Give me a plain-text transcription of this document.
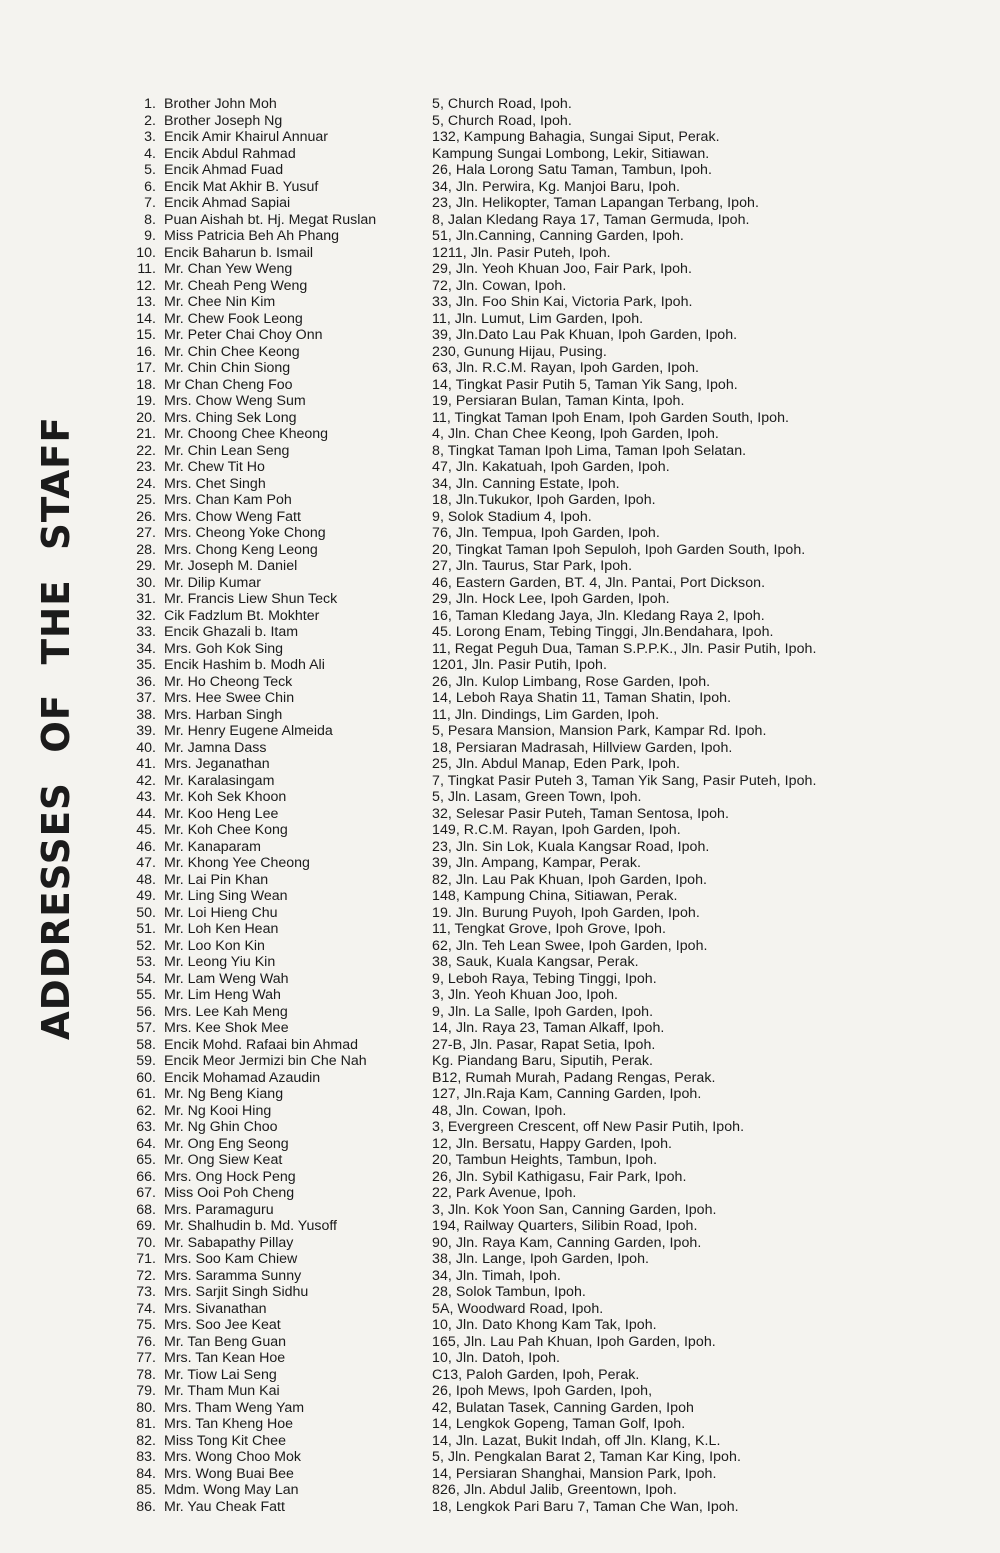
ADDRESSESOFTHESTAFF
1. Brother John Moh	5, Church Road, Ipoh.
2. Brother Joseph Ng	5, Church Road, Ipoh.
3. Encik Amir Khairul Annuar	132, Kampung Bahagia, Sungai Siput, Perak.
4. Encik Abdul Rahmad	Kampung Sungai Lombong, Lekir, Sitiawan.
5. Encik Ahmad Fuad	26, Hala Lorong Satu Taman, Tambun, Ipoh.
6. Encik Mat Akhir B. Yusuf	34, Jln. Perwira, Kg. Manjoi Baru, Ipoh.
7. Encik Ahmad Sapiai	23, Jln. Helikopter, Taman Lapangan Terbang, Ipoh.
8. Puan Aishah bt. Hj. Megat Ruslan	8, Jalan Kledang Raya 17, Taman Germuda, Ipoh.
9. Miss Patricia Beh Ah Phang	51, Jln.Canning, Canning Garden, Ipoh.
10. Encik Baharun b. Ismail	1211, Jln. Pasir Puteh, Ipoh.
11. Mr. Chan Yew Weng	29, Jln. Yeoh Khuan Joo, Fair Park, Ipoh.
12. Mr. Cheah Peng Weng	72, Jln. Cowan, Ipoh.
13. Mr. Chee Nin Kim	33, Jln. Foo Shin Kai, Victoria Park, Ipoh.
14. Mr. Chew Fook Leong	11, Jln. Lumut, Lim Garden, Ipoh.
15. Mr. Peter Chai Choy Onn	39, Jln.Dato Lau Pak Khuan, Ipoh Garden, Ipoh.
16. Mr. Chin Chee Keong	230, Gunung Hijau, Pusing.
17. Mr. Chin Chin Siong	63, Jln. R.C.M. Rayan, Ipoh Garden, Ipoh.
18. Mr Chan Cheng Foo	14, Tingkat Pasir Putih 5, Taman Yik Sang, Ipoh.
19. Mrs. Chow Weng Sum	19, Persiaran Bulan, Taman Kinta, Ipoh.
20. Mrs. Ching Sek Long	11, Tingkat Taman Ipoh Enam, Ipoh Garden South, Ipoh.
21. Mr. Choong Chee Kheong	4, Jln. Chan Chee Keong, Ipoh Garden, Ipoh.
22. Mr. Chin Lean Seng	8, Tingkat Taman Ipoh Lima, Taman Ipoh Selatan.
23. Mr. Chew Tit Ho	47, Jln. Kakatuah, Ipoh Garden, Ipoh.
24. Mrs. Chet Singh	34, Jln. Canning Estate, Ipoh.
25. Mrs. Chan Kam Poh	18, Jln.Tukukor, Ipoh Garden, Ipoh.
26. Mrs. Chow Weng Fatt	9, Solok Stadium 4, Ipoh.
27. Mrs. Cheong Yoke Chong	76, Jln. Tempua, Ipoh Garden, Ipoh.
28. Mrs. Chong Keng Leong	20, Tingkat Taman Ipoh Sepuloh, Ipoh Garden South, Ipoh.
29. Mr. Joseph M. Daniel	27, Jln. Taurus, Star Park, Ipoh.
30. Mr. Dilip Kumar	46, Eastern Garden, BT. 4, Jln. Pantai, Port Dickson.
31. Mr. Francis Liew Shun Teck	29, Jln. Hock Lee, Ipoh Garden, Ipoh.
32. Cik Fadzlum Bt. Mokhter	16, Taman Kledang Jaya, Jln. Kledang Raya 2, Ipoh.
33. Encik Ghazali b. Itam	45. Lorong Enam, Tebing Tinggi, Jln.Bendahara, Ipoh.
34. Mrs. Goh Kok Sing	11, Regat Peguh Dua, Taman S.P.P.K., Jln. Pasir Putih, Ipoh.
35. Encik Hashim b. Modh Ali	1201, Jln. Pasir Putih, Ipoh.
36. Mr. Ho Cheong Teck	26, Jln. Kulop Limbang, Rose Garden, Ipoh.
37. Mrs. Hee Swee Chin	14, Leboh Raya Shatin 11, Taman Shatin, Ipoh.
38. Mrs. Harban Singh	11, Jln. Dindings, Lim Garden, Ipoh.
39. Mr. Henry Eugene Almeida	5, Pesara Mansion, Mansion Park, Kampar Rd. Ipoh.
40. Mr. Jamna Dass	18, Persiaran Madrasah, Hillview Garden, Ipoh.
41. Mrs. Jeganathan	25, Jln. Abdul Manap, Eden Park, Ipoh.
42. Mr. Karalasingam	7, Tingkat Pasir Puteh 3, Taman Yik Sang, Pasir Puteh, Ipoh.
43. Mr. Koh Sek Khoon	5, Jln. Lasam, Green Town, Ipoh.
44. Mr. Koo Heng Lee	32, Selesar Pasir Puteh, Taman Sentosa, Ipoh.
45. Mr. Koh Chee Kong	149, R.C.M. Rayan, Ipoh Garden, Ipoh.
46. Mr. Kanaparam	23, Jln. Sin Lok, Kuala Kangsar Road, Ipoh.
47. Mr. Khong Yee Cheong	39, Jln. Ampang, Kampar, Perak.
48. Mr. Lai Pin Khan	82, Jln. Lau Pak Khuan, Ipoh Garden, Ipoh.
49. Mr. Ling Sing Wean	148, Kampung China, Sitiawan, Perak.
50. Mr. Loi Hieng Chu	19. Jln. Burung Puyoh, Ipoh Garden, Ipoh.
51. Mr. Loh Ken Hean	11, Tengkat Grove, Ipoh Grove, Ipoh.
52. Mr. Loo Kon Kin	62, Jln. Teh Lean Swee, Ipoh Garden, Ipoh.
53. Mr. Leong Yiu Kin	38, Sauk, Kuala Kangsar, Perak.
54. Mr. Lam Weng Wah	9, Leboh Raya, Tebing Tinggi, Ipoh.
55. Mr. Lim Heng Wah	3, Jln. Yeoh Khuan Joo, Ipoh.
56. Mrs. Lee Kah Meng	9, Jln. La Salle, Ipoh Garden, Ipoh.
57. Mrs. Kee Shok Mee	14, Jln. Raya 23, Taman Alkaff, Ipoh.
58. Encik Mohd. Rafaai bin Ahmad	27-B, Jln. Pasar, Rapat Setia, Ipoh.
59. Encik Meor Jermizi bin Che Nah	Kg. Piandang Baru, Siputih, Perak.
60. Encik Mohamad Azaudin	B12, Rumah Murah, Padang Rengas, Perak.
61. Mr. Ng Beng Kiang	127, Jln.Raja Kam, Canning Garden, Ipoh.
62. Mr. Ng Kooi Hing	48, Jln. Cowan, Ipoh.
63. Mr. Ng Ghin Choo	3, Evergreen Crescent, off New Pasir Putih, Ipoh.
64. Mr. Ong Eng Seong	12, Jln. Bersatu, Happy Garden, Ipoh.
65. Mr. Ong Siew Keat	20, Tambun Heights, Tambun, Ipoh.
66. Mrs. Ong Hock Peng	26, Jln. Sybil Kathigasu, Fair Park, Ipoh.
67. Miss Ooi Poh Cheng	22, Park Avenue, Ipoh.
68. Mrs. Paramaguru	3, Jln. Kok Yoon San, Canning Garden, Ipoh.
69. Mr. Shalhudin b. Md. Yusoff	194, Railway Quarters, Silibin Road, Ipoh.
70. Mr. Sabapathy Pillay	90, Jln. Raya Kam, Canning Garden, Ipoh.
71. Mrs. Soo Kam Chiew	38, Jln. Lange, Ipoh Garden, Ipoh.
72. Mrs. Saramma Sunny	34, Jln. Timah, Ipoh.
73. Mrs. Sarjit Singh Sidhu	28, Solok Tambun, Ipoh.
74. Mrs. Sivanathan	5A, Woodward Road, Ipoh.
75. Mrs. Soo Jee Keat	10, Jln. Dato Khong Kam Tak, Ipoh.
76. Mr. Tan Beng Guan	165, Jln. Lau Pah Khuan, Ipoh Garden, Ipoh.
77. Mrs. Tan Kean Hoe	10, Jln. Datoh, Ipoh.
78. Mr. Tiow Lai Seng	C13, Paloh Garden, Ipoh, Perak.
79. Mr. Tham Mun Kai	26, Ipoh Mews, Ipoh Garden, Ipoh,
80. Mrs. Tham Weng Yam	42, Bulatan Tasek, Canning Garden, Ipoh
81. Mrs. Tan Kheng Hoe	14, Lengkok Gopeng, Taman Golf, Ipoh.
82. Miss Tong Kit Chee	14, Jln. Lazat, Bukit Indah, off Jln. Klang, K.L.
83. Mrs. Wong Choo Mok	5, Jln. Pengkalan Barat 2, Taman Kar King, Ipoh.
84. Mrs. Wong Buai Bee	14, Persiaran Shanghai, Mansion Park, Ipoh.
85. Mdm. Wong May Lan	826, Jln. Abdul Jalib, Greentown, Ipoh.
86. Mr. Yau Cheak Fatt	18, Lengkok Pari Baru 7, Taman Che Wan, Ipoh.
